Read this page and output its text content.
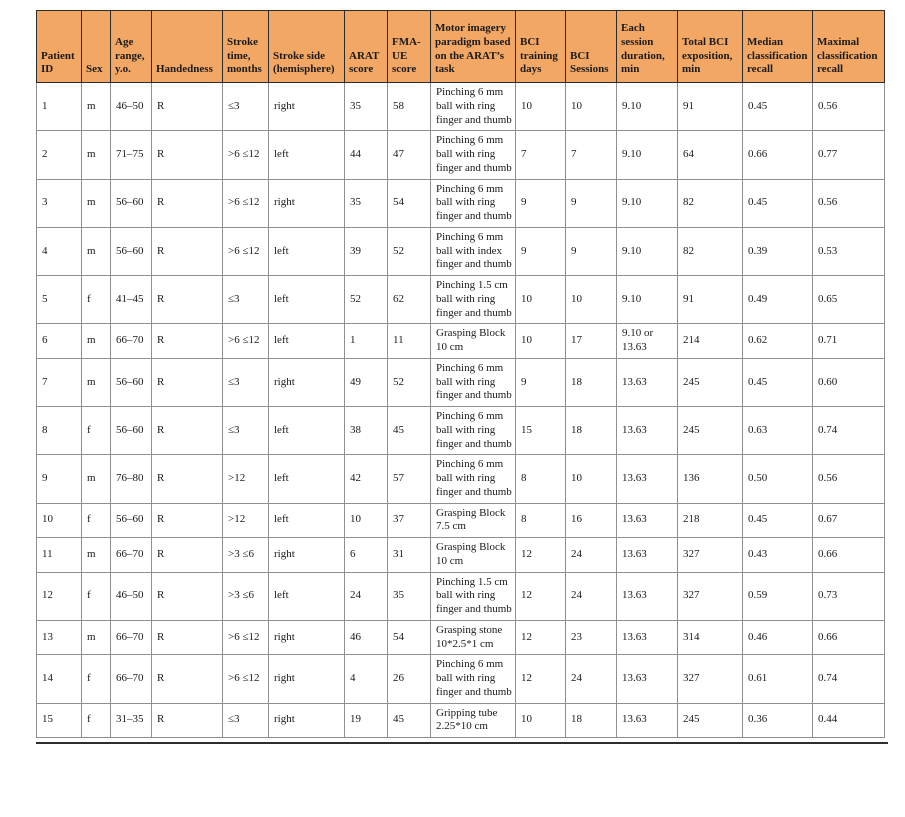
Patient ID	Sex	Age range, y.o.	Handedness	Stroke time, months	Stroke side (hemisphere)	ARAT score	FMA-UE score	Motor imagery paradigm based on the ARAT’s task	BCI training days	BCI Sessions	Each session duration, min	Total BCI exposition, min	Median classification recall	Maximal classification recall
1	m	46–50	R	≤3	right	35	58	Pinching 6 mm ball with ring finger and thumb	10	10	9.10	91	0.45	0.56
2	m	71–75	R	>6 ≤12	left	44	47	Pinching 6 mm ball with ring finger and thumb	7	7	9.10	64	0.66	0.77
3	m	56–60	R	>6 ≤12	right	35	54	Pinching 6 mm ball with ring finger and thumb	9	9	9.10	82	0.45	0.56
4	m	56–60	R	>6 ≤12	left	39	52	Pinching 6 mm ball with index finger and thumb	9	9	9.10	82	0.39	0.53
5	f	41–45	R	≤3	left	52	62	Pinching 1.5 cm ball with ring finger and thumb	10	10	9.10	91	0.49	0.65
6	m	66–70	R	>6 ≤12	left	1	11	Grasping Block 10 cm	10	17	9.10 or 13.63	214	0.62	0.71
7	m	56–60	R	≤3	right	49	52	Pinching 6 mm ball with ring finger and thumb	9	18	13.63	245	0.45	0.60
8	f	56–60	R	≤3	left	38	45	Pinching 6 mm ball with ring finger and thumb	15	18	13.63	245	0.63	0.74
9	m	76–80	R	>12	left	42	57	Pinching 6 mm ball with ring finger and thumb	8	10	13.63	136	0.50	0.56
10	f	56–60	R	>12	left	10	37	Grasping Block 7.5 cm	8	16	13.63	218	0.45	0.67
11	m	66–70	R	>3 ≤6	right	6	31	Grasping Block 10 cm	12	24	13.63	327	0.43	0.66
12	f	46–50	R	>3 ≤6	left	24	35	Pinching 1.5 cm ball with ring finger and thumb	12	24	13.63	327	0.59	0.73
13	m	66–70	R	>6 ≤12	right	46	54	Grasping stone 10*2.5*1 cm	12	23	13.63	314	0.46	0.66
14	f	66–70	R	>6 ≤12	right	4	26	Pinching 6 mm ball with ring finger and thumb	12	24	13.63	327	0.61	0.74
15	f	31–35	R	≤3	right	19	45	Gripping tube 2.25*10 cm	10	18	13.63	245	0.36	0.44
